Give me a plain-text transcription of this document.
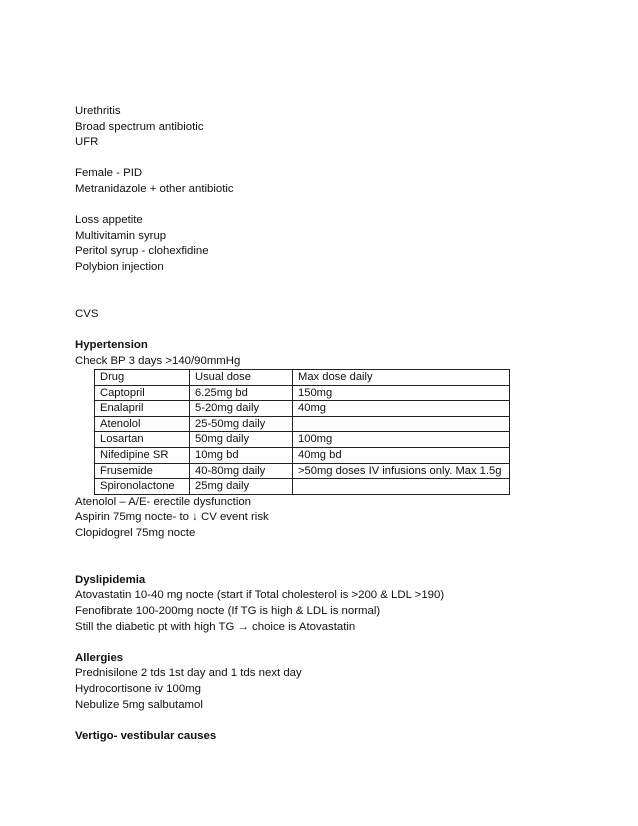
Urethritis
Broad spectrum antibiotic
UFR
Female - PID
Metranidazole + other antibiotic
Loss appetite
Multivitamin syrup
Peritol syrup - clohexfidine
Polybion injection
CVS
Hypertension
Check BP 3 days >140/90mmHg
Drug	Usual dose	Max dose daily
Captopril	6.25mg bd	150mg
Enalapril	5-20mg daily	40mg
Atenolol	25-50mg daily	
Losartan	50mg daily	100mg
Nifedipine SR	10mg bd	40mg bd
Frusemide	40-80mg daily	>50mg doses IV infusions only. Max 1.5g
Spironolactone	25mg daily	
Atenolol – A/E- erectile dysfunction
Aspirin 75mg nocte- to ↓ CV event risk
Clopidogrel 75mg nocte
Dyslipidemia
Atovastatin 10-40 mg nocte (start if Total cholesterol is >200 & LDL >190)
Fenofibrate 100-200mg nocte (If TG is high & LDL is normal)
Still the diabetic pt with high TG → choice is Atovastatin
Allergies
Prednisilone 2 tds 1st day and 1 tds next day
Hydrocortisone iv 100mg
Nebulize 5mg salbutamol
Vertigo- vestibular causes
